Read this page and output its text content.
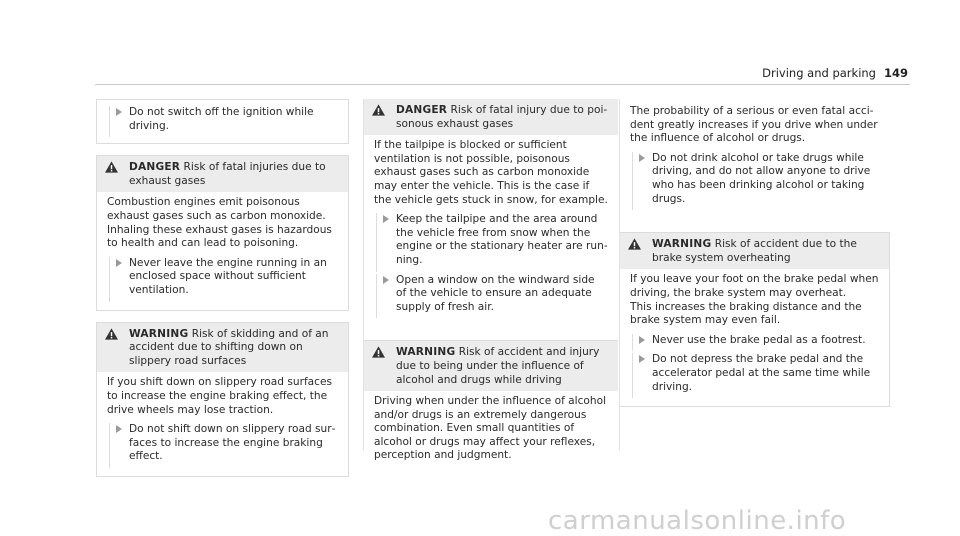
Driving and parking 149

Do not switch off the ignition while driving.

DANGER Risk of fatal injuries due to exhaust gases

Combustion engines emit poisonous exhaust gases such as carbon monoxide. Inhaling these exhaust gases is hazardous to health and can lead to poisoning.

Never leave the engine running in an enclosed space without sufficient ventilation.

WARNING Risk of skidding and of an accident due to shifting down on slippery road surfaces

If you shift down on slippery road surfaces to increase the engine braking effect, the drive wheels may lose traction.

Do not shift down on slippery road surfaces to increase the engine braking effect.

DANGER Risk of fatal injury due to poisonous exhaust gases

If the tailpipe is blocked or sufficient ventilation is not possible, poisonous exhaust gases such as carbon monoxide may enter the vehicle. This is the case if the vehicle gets stuck in snow, for example.

Keep the tailpipe and the area around the vehicle free from snow when the engine or the stationary heater are running.

Open a window on the windward side of the vehicle to ensure an adequate supply of fresh air.

WARNING Risk of accident and injury due to being under the influence of alcohol and drugs while driving

Driving when under the influence of alcohol and/or drugs is an extremely dangerous combination. Even small quantities of alcohol or drugs may affect your reflexes, perception and judgment.

The probability of a serious or even fatal accident greatly increases if you drive when under the influence of alcohol or drugs.

Do not drink alcohol or take drugs while driving, and do not allow anyone to drive who has been drinking alcohol or taking drugs.

WARNING Risk of accident due to the brake system overheating

If you leave your foot on the brake pedal when driving, the brake system may overheat.

This increases the braking distance and the brake system may even fail.

Never use the brake pedal as a footrest.

Do not depress the brake pedal and the accelerator pedal at the same time while driving.

carmanualsonline.info
